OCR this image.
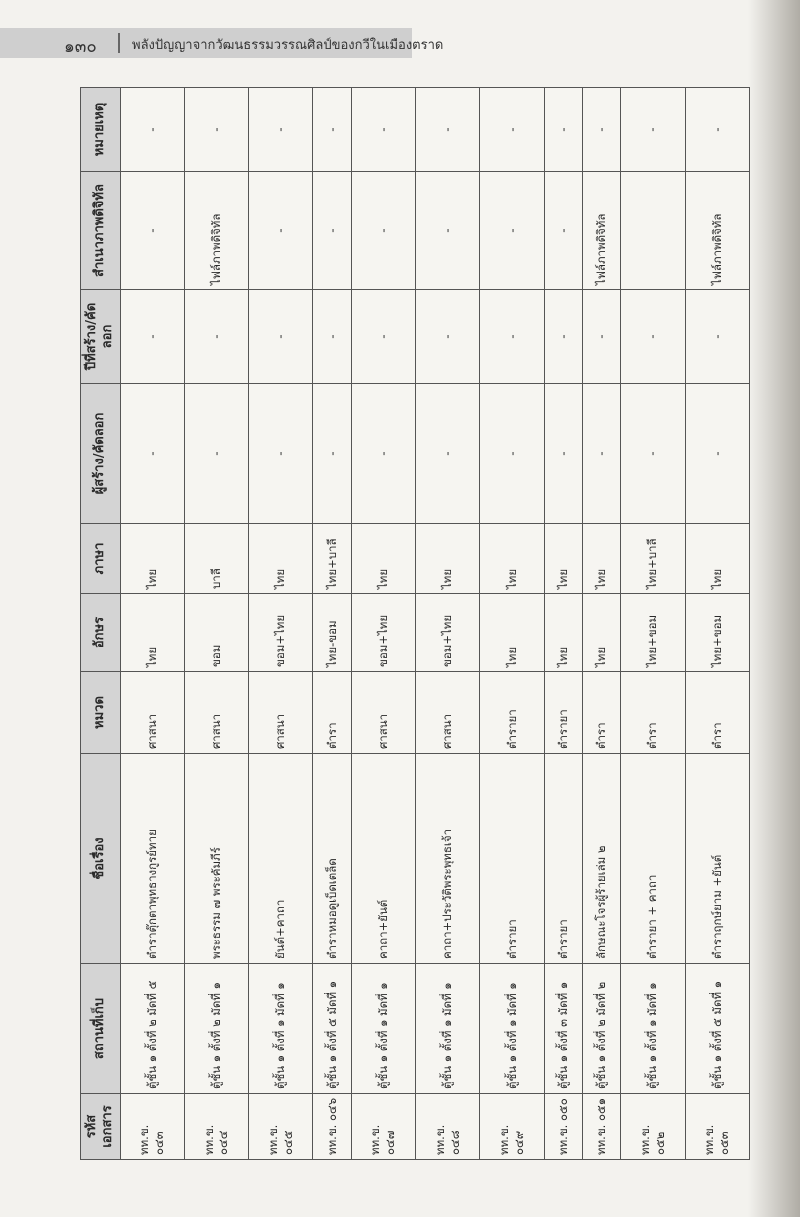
๑๓๐	พลังปัญญาจากวัฒนธรรมวรรณศิลป์ของกวีในเมืองตราด
รหัสเอกสาร	สถานที่เก็บ	ชื่อเรื่อง	หมวด	อักษร	ภาษา	ผู้สร้าง/คัดลอก	ปีที่สร้าง/คัดลอก	สำเนาภาพดิจิทัล	หมายเหตุ
ทท.ข. ๐๔๓	ตู้ชั้น ๑ ตั้งที่ ๒ มัดที่ ๕	ตำราตุ๊กตาพุทธางกูรย์ทาย	ศาสนา	ไทย	ไทย	-	-	-	-
ทท.ข. ๐๔๔	ตู้ชั้น ๑ ตั้งที่ ๒ มัดที่ ๑	พระธรรม ๗ พระคัมภีร์	ศาสนา	ขอม	บาลี	-	-	ไฟล์ภาพดิจิทัล	-
ทท.ข. ๐๔๕	ตู้ชั้น ๑ ตั้งที่ ๑ มัดที่ ๑	ยันต์+คาถา	ศาสนา	ขอม+ไทย	ไทย	-	-	-	-
ทท.ข. ๐๔๖	ตู้ชั้น ๑ ตั้งที่ ๕ มัดที่ ๑	ตำราหมอดูเบ็ดเตล็ด	ตำรา	ไทย-ขอม	ไทย+บาลี	-	-	-	-
ทท.ข. ๐๔๗	ตู้ชั้น ๑ ตั้งที่ ๑ มัดที่ ๑	คาถา+ยันต์	ศาสนา	ขอม+ไทย	ไทย	-	-	-	-
ทท.ข. ๐๔๘	ตู้ชั้น ๑ ตั้งที่ ๑ มัดที่ ๑	คาถา+ประวัติพระพุทธเจ้า	ศาสนา	ขอม+ไทย	ไทย	-	-	-	-
ทท.ข. ๐๔๙	ตู้ชั้น ๑ ตั้งที่ ๑ มัดที่ ๑	ตำรายา	ตำรายา	ไทย	ไทย	-	-	-	-
ทท.ข. ๐๕๐	ตู้ชั้น ๑ ตั้งที่ ๓ มัดที่ ๑	ตำรายา	ตำรายา	ไทย	ไทย	-	-	-	-
ทท.ข. ๐๕๑	ตู้ชั้น ๑ ตั้งที่ ๒ มัดที่ ๒	ลักษณะโจรผู้ร้ายเล่ม ๒	ตำรา	ไทย	ไทย	-	-	ไฟล์ภาพดิจิทัล	-
ทท.ข. ๐๕๒	ตู้ชั้น ๑ ตั้งที่ ๑ มัดที่ ๑	ตำรายา + คาถา	ตำรา	ไทย+ขอม	ไทย+บาลี	-	-		-
ทท.ข. ๐๕๓	ตู้ชั้น ๑ ตั้งที่ ๕ มัดที่ ๑	ตำราฤกษ์ยาม +ยันต์	ตำรา	ไทย+ขอม	ไทย	-	-	ไฟล์ภาพดิจิทัล	-
